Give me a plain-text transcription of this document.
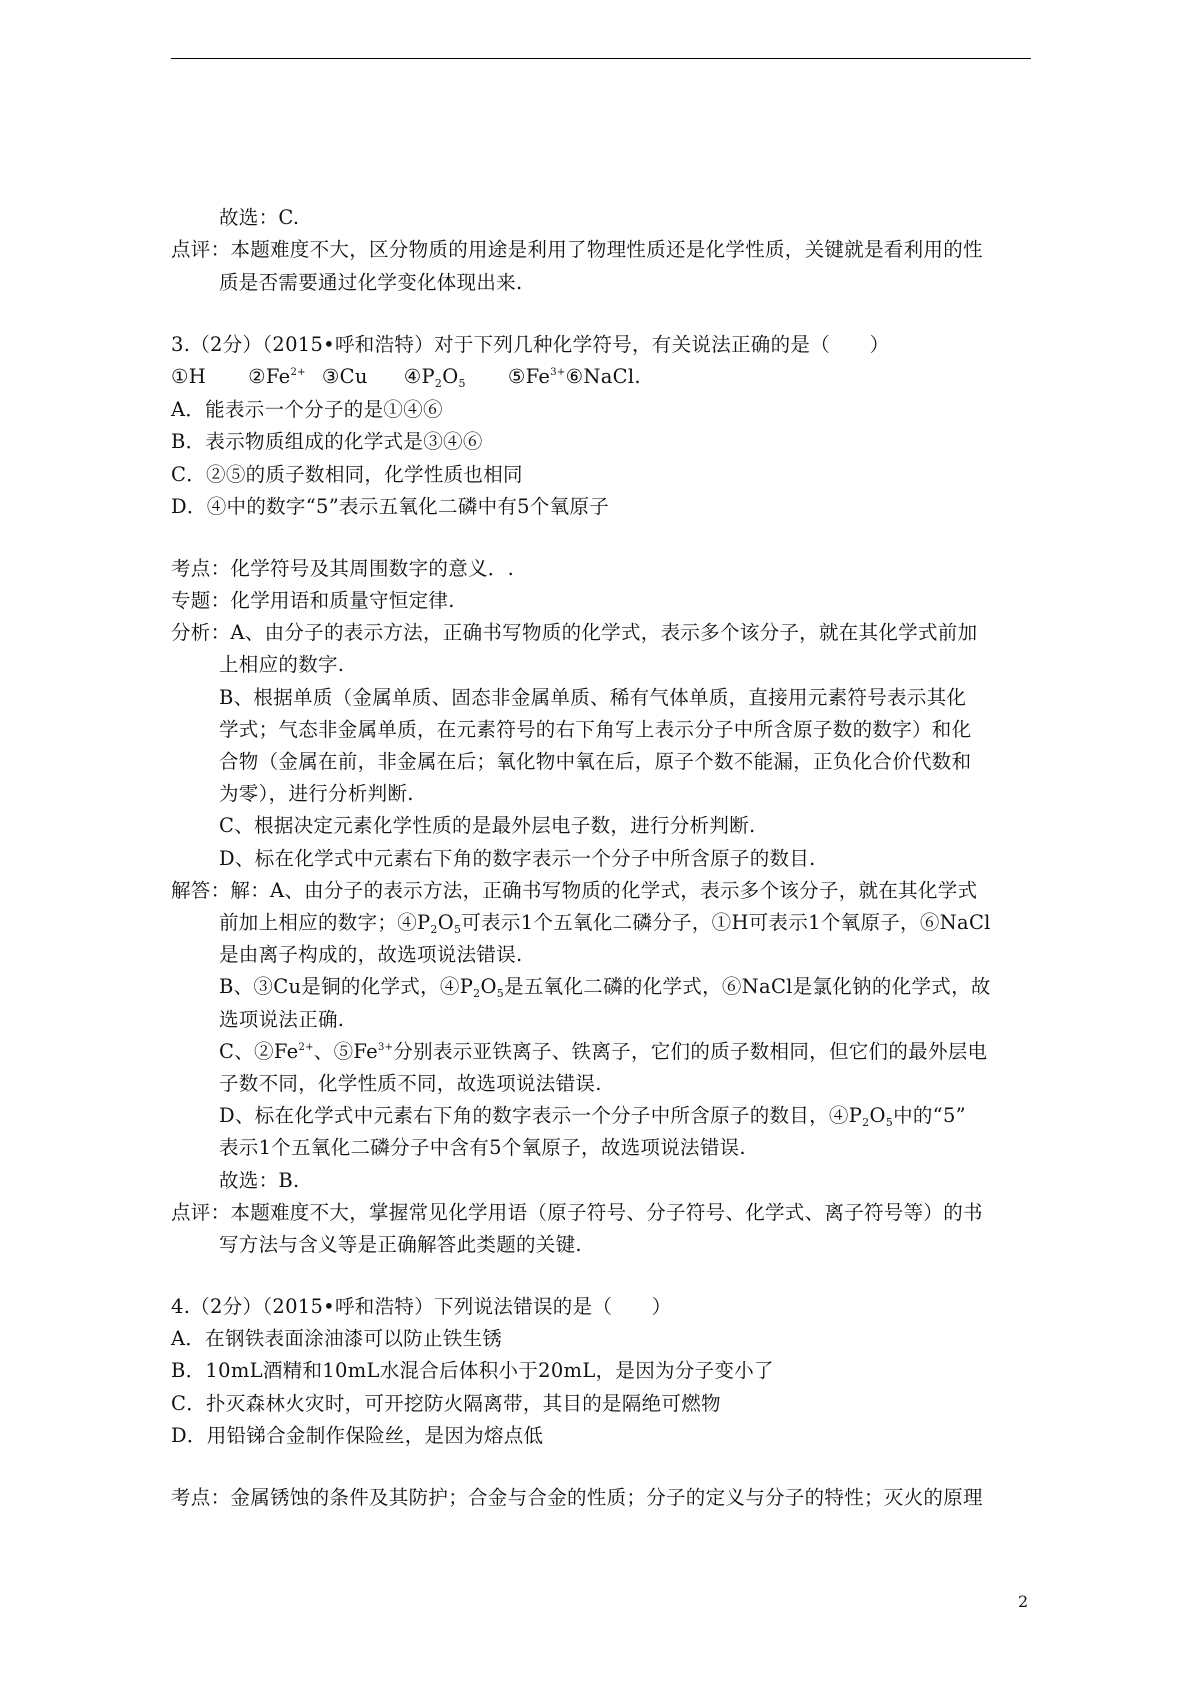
故选：C.
点评：本题难度不大，区分物质的用途是利用了物理性质还是化学性质，关键就是看利用的性
质是否需要通过化学变化体现出来.
3.（2分）（2015•呼和浩特）对于下列几种化学符号，有关说法正确的是（　　）
①H $②Fe^{2+}$ ③Cu $④P_2O_5$ $⑤Fe^{3+}⑥NaCl$.
A．能表示一个分子的是①④⑥
B．表示物质组成的化学式是③④⑥
C．②⑤的质子数相同，化学性质也相同
D．④中的数字“5”表示五氧化二磷中有5个氧原子
考点：化学符号及其周围数字的意义．.
专题：化学用语和质量守恒定律.
分析：A、由分子的表示方法，正确书写物质的化学式，表示多个该分子，就在其化学式前加
上相应的数字.
B、根据单质（金属单质、固态非金属单质、稀有气体单质，直接用元素符号表示其化
学式；气态非金属单质，在元素符号的右下角写上表示分子中所含原子数的数字）和化
合物（金属在前，非金属在后；氧化物中氧在后，原子个数不能漏，正负化合价代数和
为零），进行分析判断.
C、根据决定元素化学性质的是最外层电子数，进行分析判断.
D、标在化学式中元素右下角的数字表示一个分子中所含原子的数目.
解答：解：A、由分子的表示方法，正确书写物质的化学式，表示多个该分子，就在其化学式
前加上相应的数字；$④P_2O_5$可表示1个五氧化二磷分子，①H可表示1个氧原子，⑥NaCl
是由离子构成的，故选项说法错误.
B、③Cu是铜的化学式，$④P_2O_5$是五氧化二磷的化学式，⑥NaCl是氯化钠的化学式，故
选项说法正确.
C、$②Fe^{2+}$、$⑤Fe^{3+}$分别表示亚铁离子、铁离子，它们的质子数相同，但它们的最外层电
子数不同，化学性质不同，故选项说法错误.
D、标在化学式中元素右下角的数字表示一个分子中所含原子的数目，$④P_2O_5$中的“5”
表示1个五氧化二磷分子中含有5个氧原子，故选项说法错误.
故选：B.
点评：本题难度不大，掌握常见化学用语（原子符号、分子符号、化学式、离子符号等）的书
写方法与含义等是正确解答此类题的关键.
4.（2分）（2015•呼和浩特）下列说法错误的是（　　）
A．在钢铁表面涂油漆可以防止铁生锈
B．10mL酒精和10mL水混合后体积小于20mL，是因为分子变小了
C．扑灭森林火灾时，可开挖防火隔离带，其目的是隔绝可燃物
D．用铅锑合金制作保险丝，是因为熔点低
考点：金属锈蚀的条件及其防护；合金与合金的性质；分子的定义与分子的特性；灭火的原理
2
